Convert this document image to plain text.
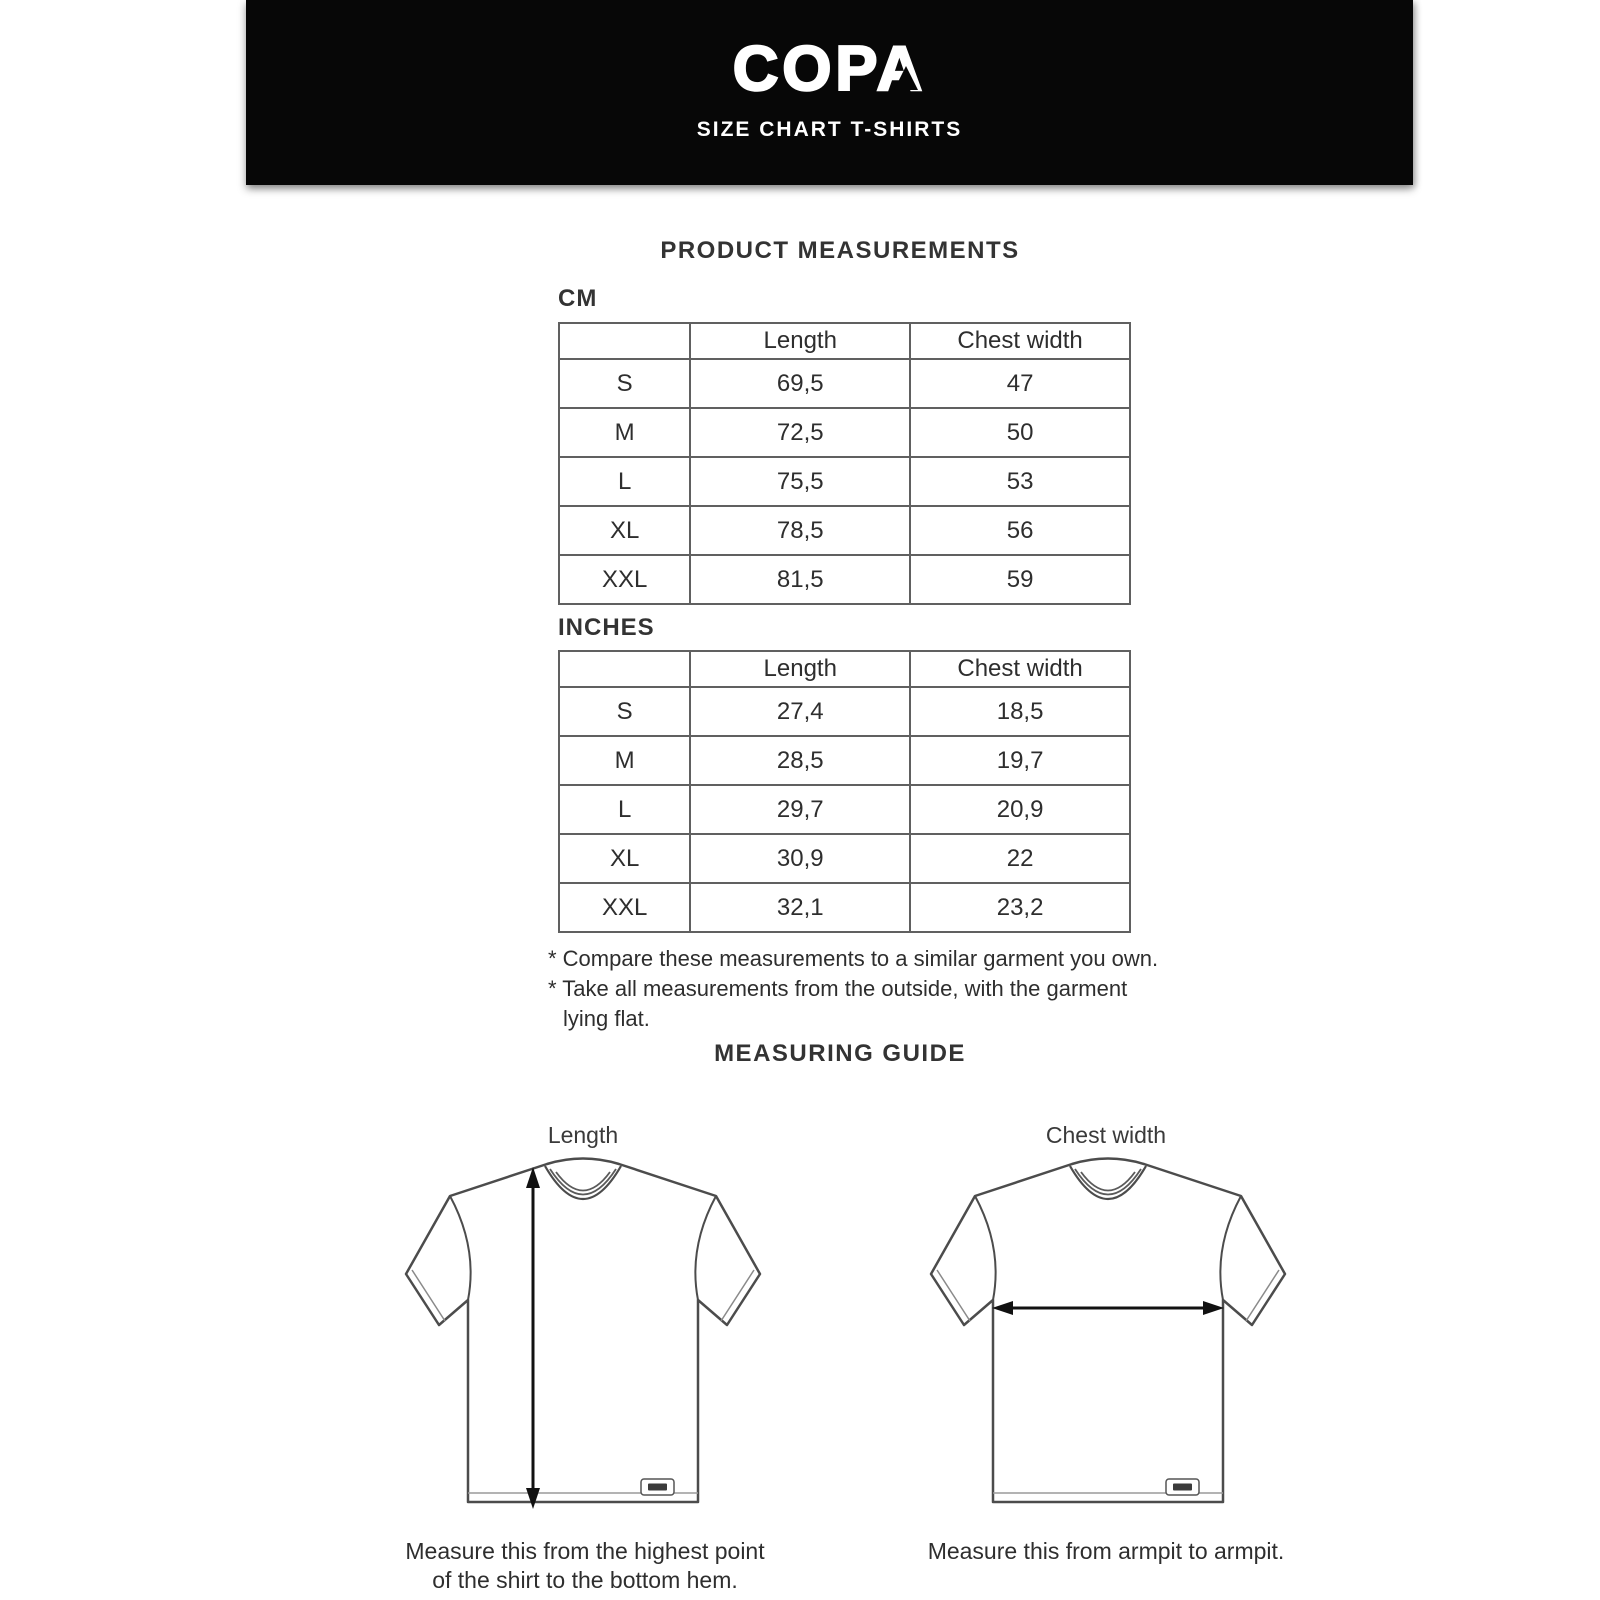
COPA
SIZE CHART T-SHIRTS
PRODUCT MEASUREMENTS
CM
	Length	Chest width
S	69,5	47
M	72,5	50
L	75,5	53
XL	78,5	56
XXL	81,5	59
INCHES
	Length	Chest width
S	27,4	18,5
M	28,5	19,7
L	29,7	20,9
XL	30,9	22
XXL	32,1	23,2
* Compare these measurements to a similar garment you own.
* Take all measurements from the outside, with the garment
lying flat.
MEASURING GUIDE
Length	Chest width
Measure this from the highest point
of the shirt to the bottom hem.
Measure this from armpit to armpit.
